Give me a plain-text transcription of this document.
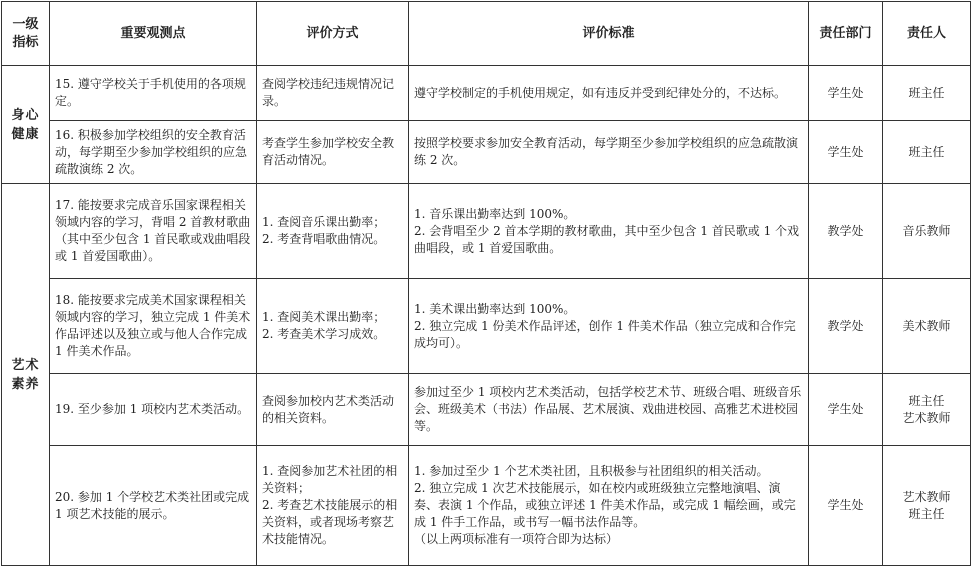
一级
指标	重要观测点	评价方式	评价标准	责任部门	责任人
身心
健康	15. 遵守学校关于手机使用的各项规定。	查阅学校违纪违规情况记录。	遵守学校制定的手机使用规定，如有违反并受到纪律处分的，不达标。	学生处	班主任

	16. 积极参加学校组织的安全教育活动，每学期至少参加学校组织的应急疏散演练 2 次。	考查学生参加学校安全教育活动情况。	按照学校要求参加安全教育活动，每学期至少参加学校组织的应急疏散演练 2 次。	学生处	班主任

艺术
素养	17. 能按要求完成音乐国家课程相关领域内容的学习，背唱 2 首教材歌曲（其中至少包含 1 首民歌或戏曲唱段或 1 首爱国歌曲）。	1. 查阅音乐课出勤率；
2. 考查背唱歌曲情况。	1. 音乐课出勤率达到 100%。
2. 会背唱至少 2 首本学期的教材歌曲，其中至少包含 1 首民歌或 1 个戏曲唱段，或 1 首爱国歌曲。	教学处	音乐教师

	18. 能按要求完成美术国家课程相关领域内容的学习，独立完成 1 件美术作品评述以及独立或与他人合作完成 1 件美术作品。	1. 查阅美术课出勤率；
2. 考查美术学习成效。	1. 美术课出勤率达到 100%。
2. 独立完成 1 份美术作品评述，创作 1 件美术作品（独立完成和合作完成均可）。	教学处	美术教师

	19. 至少参加 1 项校内艺术类活动。	查阅参加校内艺术类活动的相关资料。	参加过至少 1 项校内艺术类活动，包括学校艺术节、班级合唱、班级音乐会、班级美术（书法）作品展、艺术展演、戏曲进校园、高雅艺术进校园等。	学生处	班主任
艺术教师

	20. 参加 1 个学校艺术类社团或完成 1 项艺术技能的展示。	1. 查阅参加艺术社团的相关资料；
2. 考查艺术技能展示的相关资料，或者现场考察艺术技能情况。	1. 参加过至少 1 个艺术类社团，且积极参与社团组织的相关活动。
2. 独立完成 1 次艺术技能展示，如在校内或班级独立完整地演唱、演奏、表演 1 个作品，或独立评述 1 件美术作品，或完成 1 幅绘画，或完成 1 件手工作品，或书写一幅书法作品等。
（以上两项标准有一项符合即为达标）	学生处	艺术教师
班主任
